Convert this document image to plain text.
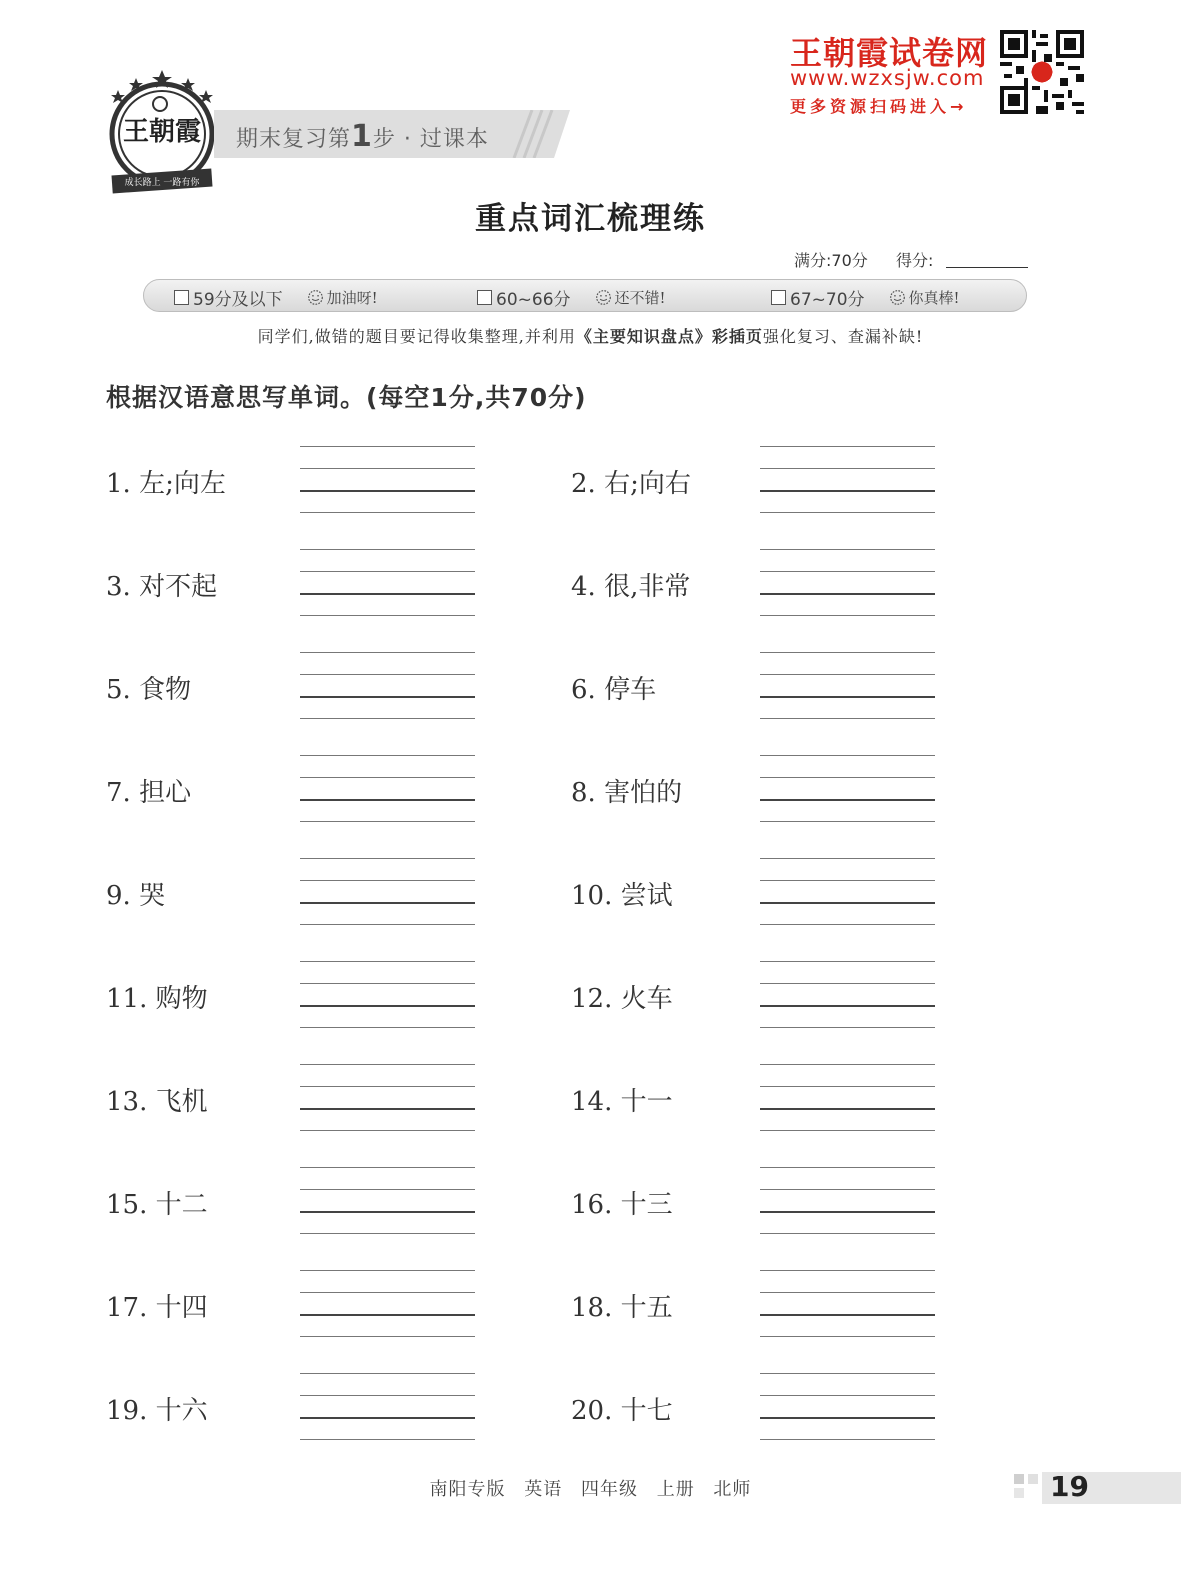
王朝霞
成长路上 一路有你
期末复习第1步 · 过课本
王朝霞试卷网
www.wzxsjw.com
更多资源扫码进入→
重点词汇梳理练
满分:70分 得分:
59分及以下	加油呀!	60~66分	还不错!	67~70分	你真棒!
同学们,做错的题目要记得收集整理,并利用《主要知识盘点》彩插页强化复习、查漏补缺!
根据汉语意思写单词。(每空1分,共70分)
1. 左;向左	2. 右;向右
3. 对不起	4. 很,非常
5. 食物	6. 停车
7. 担心	8. 害怕的
9. 哭	10. 尝试
11. 购物	12. 火车
13. 飞机	14. 十一
15. 十二	16. 十三
17. 十四	18. 十五
19. 十六	20. 十七
南阳专版 英语 四年级 上册 北师	19
